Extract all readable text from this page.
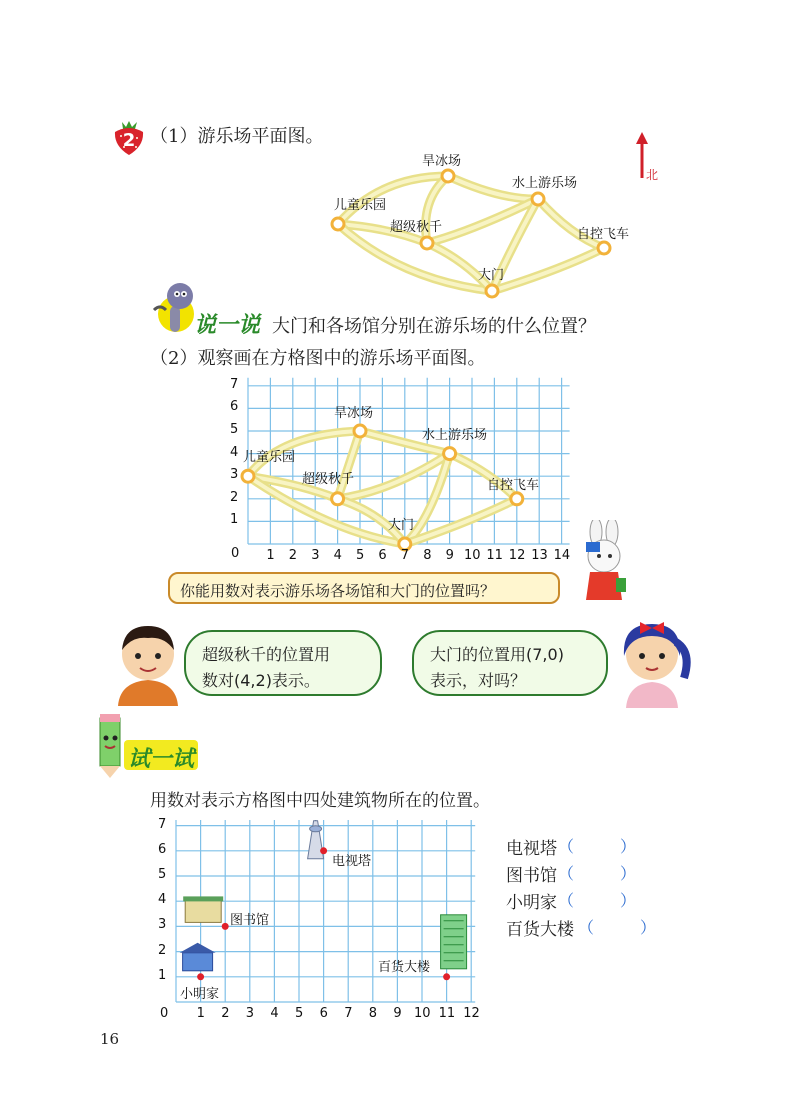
2 （1）游乐场平面图。
北
旱冰场
水上游乐场
儿童乐园
超级秋千	自控飞车
大门
说一说 大门和各场馆分别在游乐场的什么位置？
（2）观察画在方格图中的游乐场平面图。
0 1 2 3 4 5 6 7 8 9 10 11 12 13 14
1
2
3
4
5
6
7
旱冰场
水上游乐场
儿童乐园
超级秋千	自控飞车
大门
你能用数对表示游乐场各场馆和大门的位置吗？
超级秋千的位置用
数对(4,2)表示。
大门的位置用(7,0)
表示，对吗？
试一试
用数对表示方格图中四处建筑物所在的位置。
0 1 2 3 4 5 6 7 8 9 10 11 12
1
2
3
4
5
6
7
电视塔
图书馆
小明家
百货大楼
电视塔 （	）
图书馆 （	）
小明家 （	）
百货大楼 （	）
16
